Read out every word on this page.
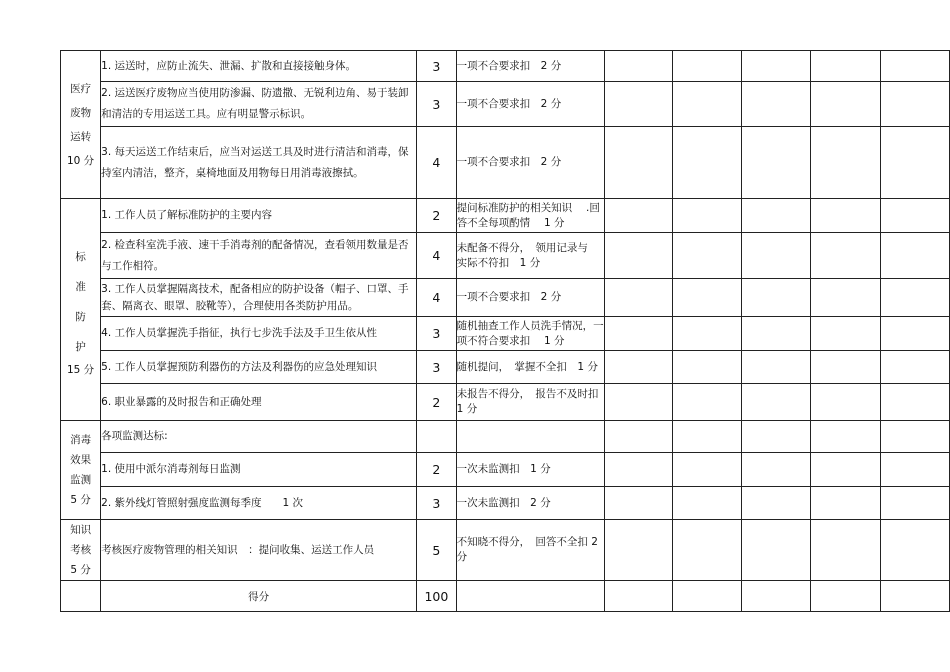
医疗
废物
运转
10 分	1. 运送时，应防止流失、泄漏、扩散和直接接触身体。	3	一项不合要求扣　2 分					
	2. 运送医疗废物应当使用防渗漏、防遗撒、无锐利边角、易于装卸和清洁的专用运送工具。应有明显警示标识。	3	一项不合要求扣　2 分					
	3. 每天运送工作结束后，应当对运送工具及时进行清洁和消毒，保持室内清洁，整齐，桌椅地面及用物每日用消毒液擦拭。	4	一项不合要求扣　2 分					

标
准
防
护
15 分	1. 工作人员了解标准防护的主要内容	2	提问标准防护的相关知识　 .回答不全每项酌情　 1 分					
	2. 检查科室洗手液、速干手消毒剂的配备情况，查看领用数量是否与工作相符。	4	未配备不得分，　领用记录与　实际不符扣　1 分					
	3. 工作人员掌握隔离技术，配备相应的防护设备（帽子、口罩、手套、隔离衣、眼罩、胶靴等），合理使用各类防护用品。	4	一项不合要求扣　2 分					
	4. 工作人员掌握洗手指征，执行七步洗手法及手卫生依从性	3	随机抽查工作人员洗手情况，一项不符合要求扣　 1 分					
	5. 工作人员掌握预防利器伤的方法及利器伤的应急处理知识	3	随机提问，　掌握不全扣　1 分					
	6. 职业暴露的及时报告和正确处理	2	未报告不得分，　报告不及时扣 1 分					

消毒
效果
监测
5 分	各项监测达标:							
	1. 使用中派尔消毒剂每日监测	2	一次未监测扣　1 分					
	2. 紫外线灯管照射强度监测每季度　　1 次	3	一次未监测扣　2 分					

知识
考核
5 分	考核医疗废物管理的相关知识　：提问收集、运送工作人员	5	不知晓不得分，　回答不全扣 2 分					
	得分	100						
